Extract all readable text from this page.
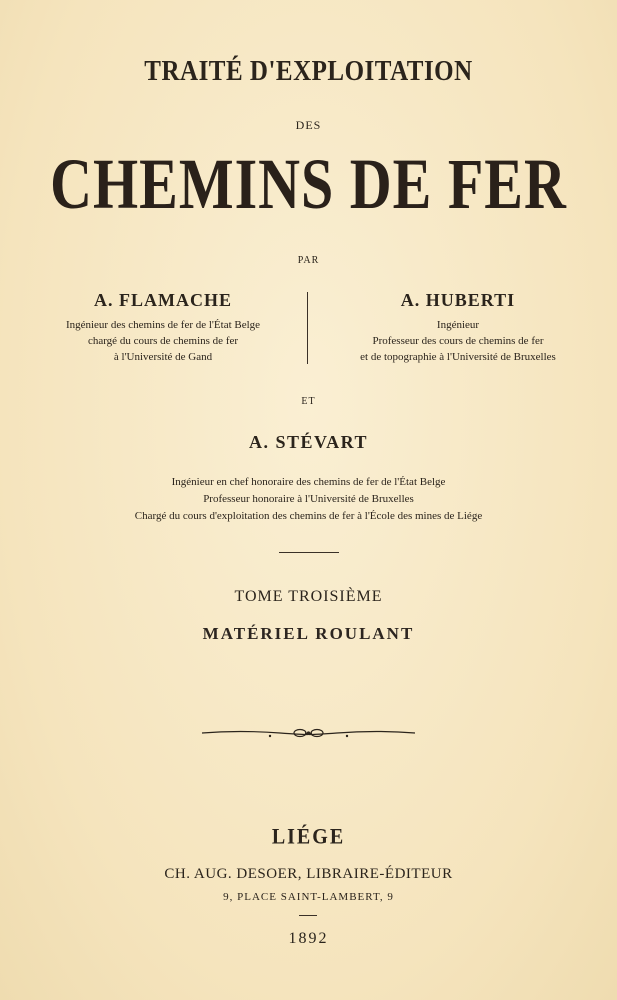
TRAITÉ D'EXPLOITATION
DES
CHEMINS DE FER
PAR
A. FLAMACHE
Ingénieur des chemins de fer de l'État Belge
chargé du cours de chemins de fer
à l'Université de Gand
A. HUBERTI
Ingénieur
Professeur des cours de chemins de fer
et de topographie à l'Université de Bruxelles
ET
A. STÉVART
Ingénieur en chef honoraire des chemins de fer de l'État Belge
Professeur honoraire à l'Université de Bruxelles
Chargé du cours d'exploitation des chemins de fer à l'École des mines de Liége
TOME TROISIÈME
MATÉRIEL ROULANT
LIÉGE
CH. AUG. DESOER, LIBRAIRE-ÉDITEUR
9, PLACE SAINT-LAMBERT, 9
1892
